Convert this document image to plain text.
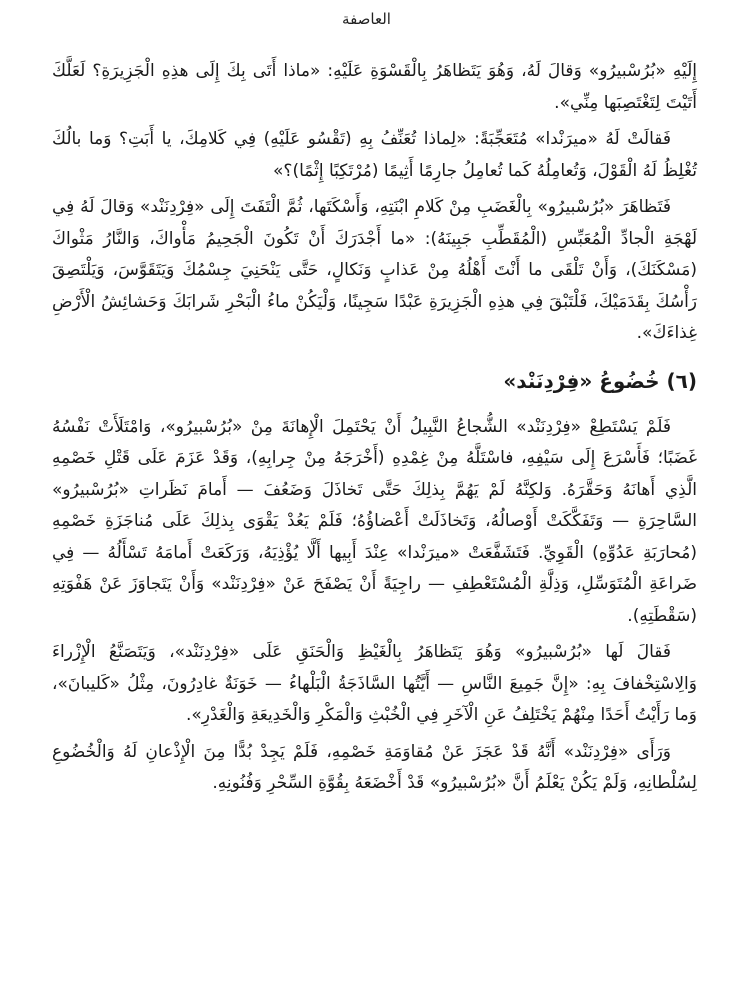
العاصفة

إِلَيْهِ «بُرُسْبيرُو» وَقالَ لَهُ، وَهُوَ يَتَظاهَرُ بِالْقَسْوَةِ عَلَيْهِ: «ماذا أَتَى بِكَ إِلَى هذِهِ الْجَزِيرَةِ؟ لَعَلَّكَ أَتَيْتَ لِتَغْتَصِبَها مِنِّي».

فَقالَتْ لَهُ «ميرَنْدا» مُتَعَجِّبَةً: «لِماذا تُعَنِّفُ بِهِ (تَقْسُو عَلَيْهِ) فِي كَلامِكَ، يا أَبَتِ؟ وَما بالُكَ تُغْلِظُ لَهُ الْقَوْلَ، وَتُعامِلُهُ كَما تُعامِلُ جارِمًا أَثِيمًا (مُرْتَكِبًا إِثْمًا)؟»

فَتَظاهَرَ «بُرُسْبيرُو» بِالْغَضَبِ مِنْ كَلامِ ابْنَتِهِ، وَأَسْكَتَها، ثُمَّ الْتَفَتَ إِلَى «فِرْدِنَنْد» وَقالَ لَهُ فِي لَهْجَةِ الْجادِّ الْمُعَبِّسِ (الْمُقَطِّبِ جَبِينَهُ): «ما أَجْدَرَكَ أَنْ تَكُونَ الْجَحِيمُ مَأْواكَ، وَالنَّارُ مَثْواكَ (مَسْكَنَكَ)، وَأَنْ تَلْقَى ما أَنْتَ أَهْلُهُ مِنْ عَذابٍ وَنَكالٍ، حَتَّى يَنْحَنِيَ جِسْمُكَ وَيَتَقَوَّسَ، وَيَلْتَصِقَ رَأْسُكَ بِقَدَمَيْكَ، فَلْتَبْقَ فِي هذِهِ الْجَزِيرَةِ عَبْدًا سَجِينًا، وَلْيَكُنْ ماءُ الْبَحْرِ شَرابَكَ وَحَشائِشُ الْأَرْضِ غِذاءَكَ».

(٦) خُضُوعُ «فِرْدِنَنْد»

فَلَمْ يَسْتَطِعْ «فِرْدِنَنْد» الشُّجاعُ النَّبِيلُ أَنْ يَحْتَمِلَ الْإِهانَةَ مِنْ «بُرُسْبيرُو»، وَامْتَلَأَتْ نَفْسُهُ غَضَبًا؛ فَأَسْرَعَ إِلَى سَيْفِهِ، فاسْتَلَّهُ مِنْ غِمْدِهِ (أَخْرَجَهُ مِنْ جِرابِهِ)، وَقَدْ عَزَمَ عَلَى قَتْلِ خَصْمِهِ الَّذِي أَهانَهُ وَحَقَّرَهُ. وَلكِنَّهُ لَمْ يَهُمَّ بِذلِكَ حَتَّى تَخاذَلَ وَضَعُفَ — أَمامَ نَظَراتِ «بُرُسْبيرُو» السَّاحِرَةِ — وَتَفَكَّكَتْ أَوْصالُهُ، وَتَخاذَلَتْ أَعْضاؤُهُ؛ فَلَمْ يَعُدْ يَقْوَى بِذلِكَ عَلَى مُناجَزَةِ خَصْمِهِ (مُحارَبَةِ عَدُوِّهِ) الْقَوِيِّ. فَتَشَفَّعَتْ «ميرَنْدا» عِنْدَ أَبِيها أَلَّا يُؤْذِيَهُ، وَرَكَعَتْ أَمامَهُ تَسْأَلُهُ — فِي ضَراعَةِ الْمُتَوَسِّلِ، وَذِلَّةِ الْمُسْتَعْطِفِ — راجِيَةً أَنْ يَصْفَحَ عَنْ «فِرْدِنَنْد» وَأَنْ يَتَجاوَزَ عَنْ هَفْوَتِهِ (سَقْطَتِهِ).

فَقالَ لَها «بُرُسْبيرُو» وَهُوَ يَتَظاهَرُ بِالْغَيْظِ وَالْحَنَقِ عَلَى «فِرْدِنَنْد»، وَيَتَصَنَّعُ الْإِزْراءَ وَالِاسْتِخْفافَ بِهِ: «إِنَّ جَمِيعَ النَّاسِ — أَيَّتُها السَّاذَجَةُ الْبَلْهاءُ — خَوَنَةٌ غادِرُونَ، مِثْلُ «كَليبانَ»، وَما رَأَيْتُ أَحَدًا مِنْهُمْ يَخْتَلِفُ عَنِ الْآخَرِ فِي الْخُبْثِ وَالْمَكْرِ وَالْخَدِيعَةِ وَالْغَدْرِ».

وَرَأَى «فِرْدِنَنْد» أَنَّهُ قَدْ عَجَزَ عَنْ مُقاوَمَةِ خَصْمِهِ، فَلَمْ يَجِدْ بُدًّا مِنَ الْإِذْعانِ لَهُ وَالْخُضُوعِ لِسُلْطانِهِ، وَلَمْ يَكُنْ يَعْلَمُ أَنَّ «بُرُسْبيرُو» قَدْ أَخْضَعَهُ بِقُوَّةِ السِّحْرِ وَفُنُونِهِ.
